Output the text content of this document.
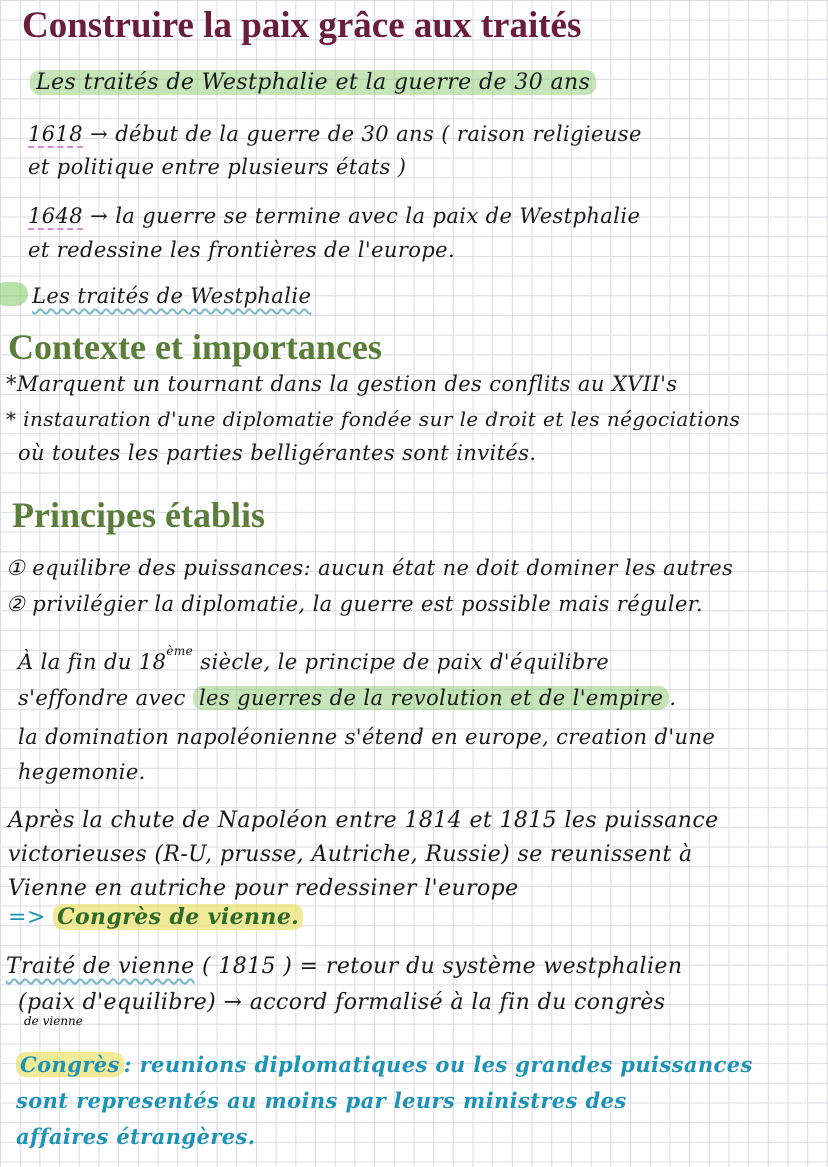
Construire la paix grâce aux traités

Les traités de Westphalie et la guerre de 30 ans

1618 → début de la guerre de 30 ans ( raison religieuse

et politique entre plusieurs états )

1648 → la guerre se termine avec la paix de Westphalie

et redessine les frontières de l'europe.

Les traités de Westphalie

Contexte et importances

*Marquent un tournant dans la gestion des conflits au XVII's

* instauration d'une diplomatie fondée sur le droit et les négociations

où toutes les parties belligérantes sont invités.

Principes établis

① equilibre des puissances: aucun état ne doit dominer les autres

② privilégier la diplomatie, la guerre est possible mais réguler.

À la fin du 18ème siècle, le principe de paix d'équilibre

s'effondre avec les guerres de la revolution et de l'empire .

la domination napoléonienne s'étend en europe, creation d'une

hegemonie.

Après la chute de Napoléon entre 1814 et 1815 les puissance

victorieuses (R-U, prusse, Autriche, Russie) se reunissent à

Vienne en autriche pour redessiner l'europe

=> Congrès de vienne.

Traité de vienne ( 1815 ) = retour du système westphalien

(paix d'equilibre) → accord formalisé à la fin du congrès

de vienne

Congrès : reunions diplomatiques ou les grandes puissances

sont representés au moins par leurs ministres des

affaires étrangères.
